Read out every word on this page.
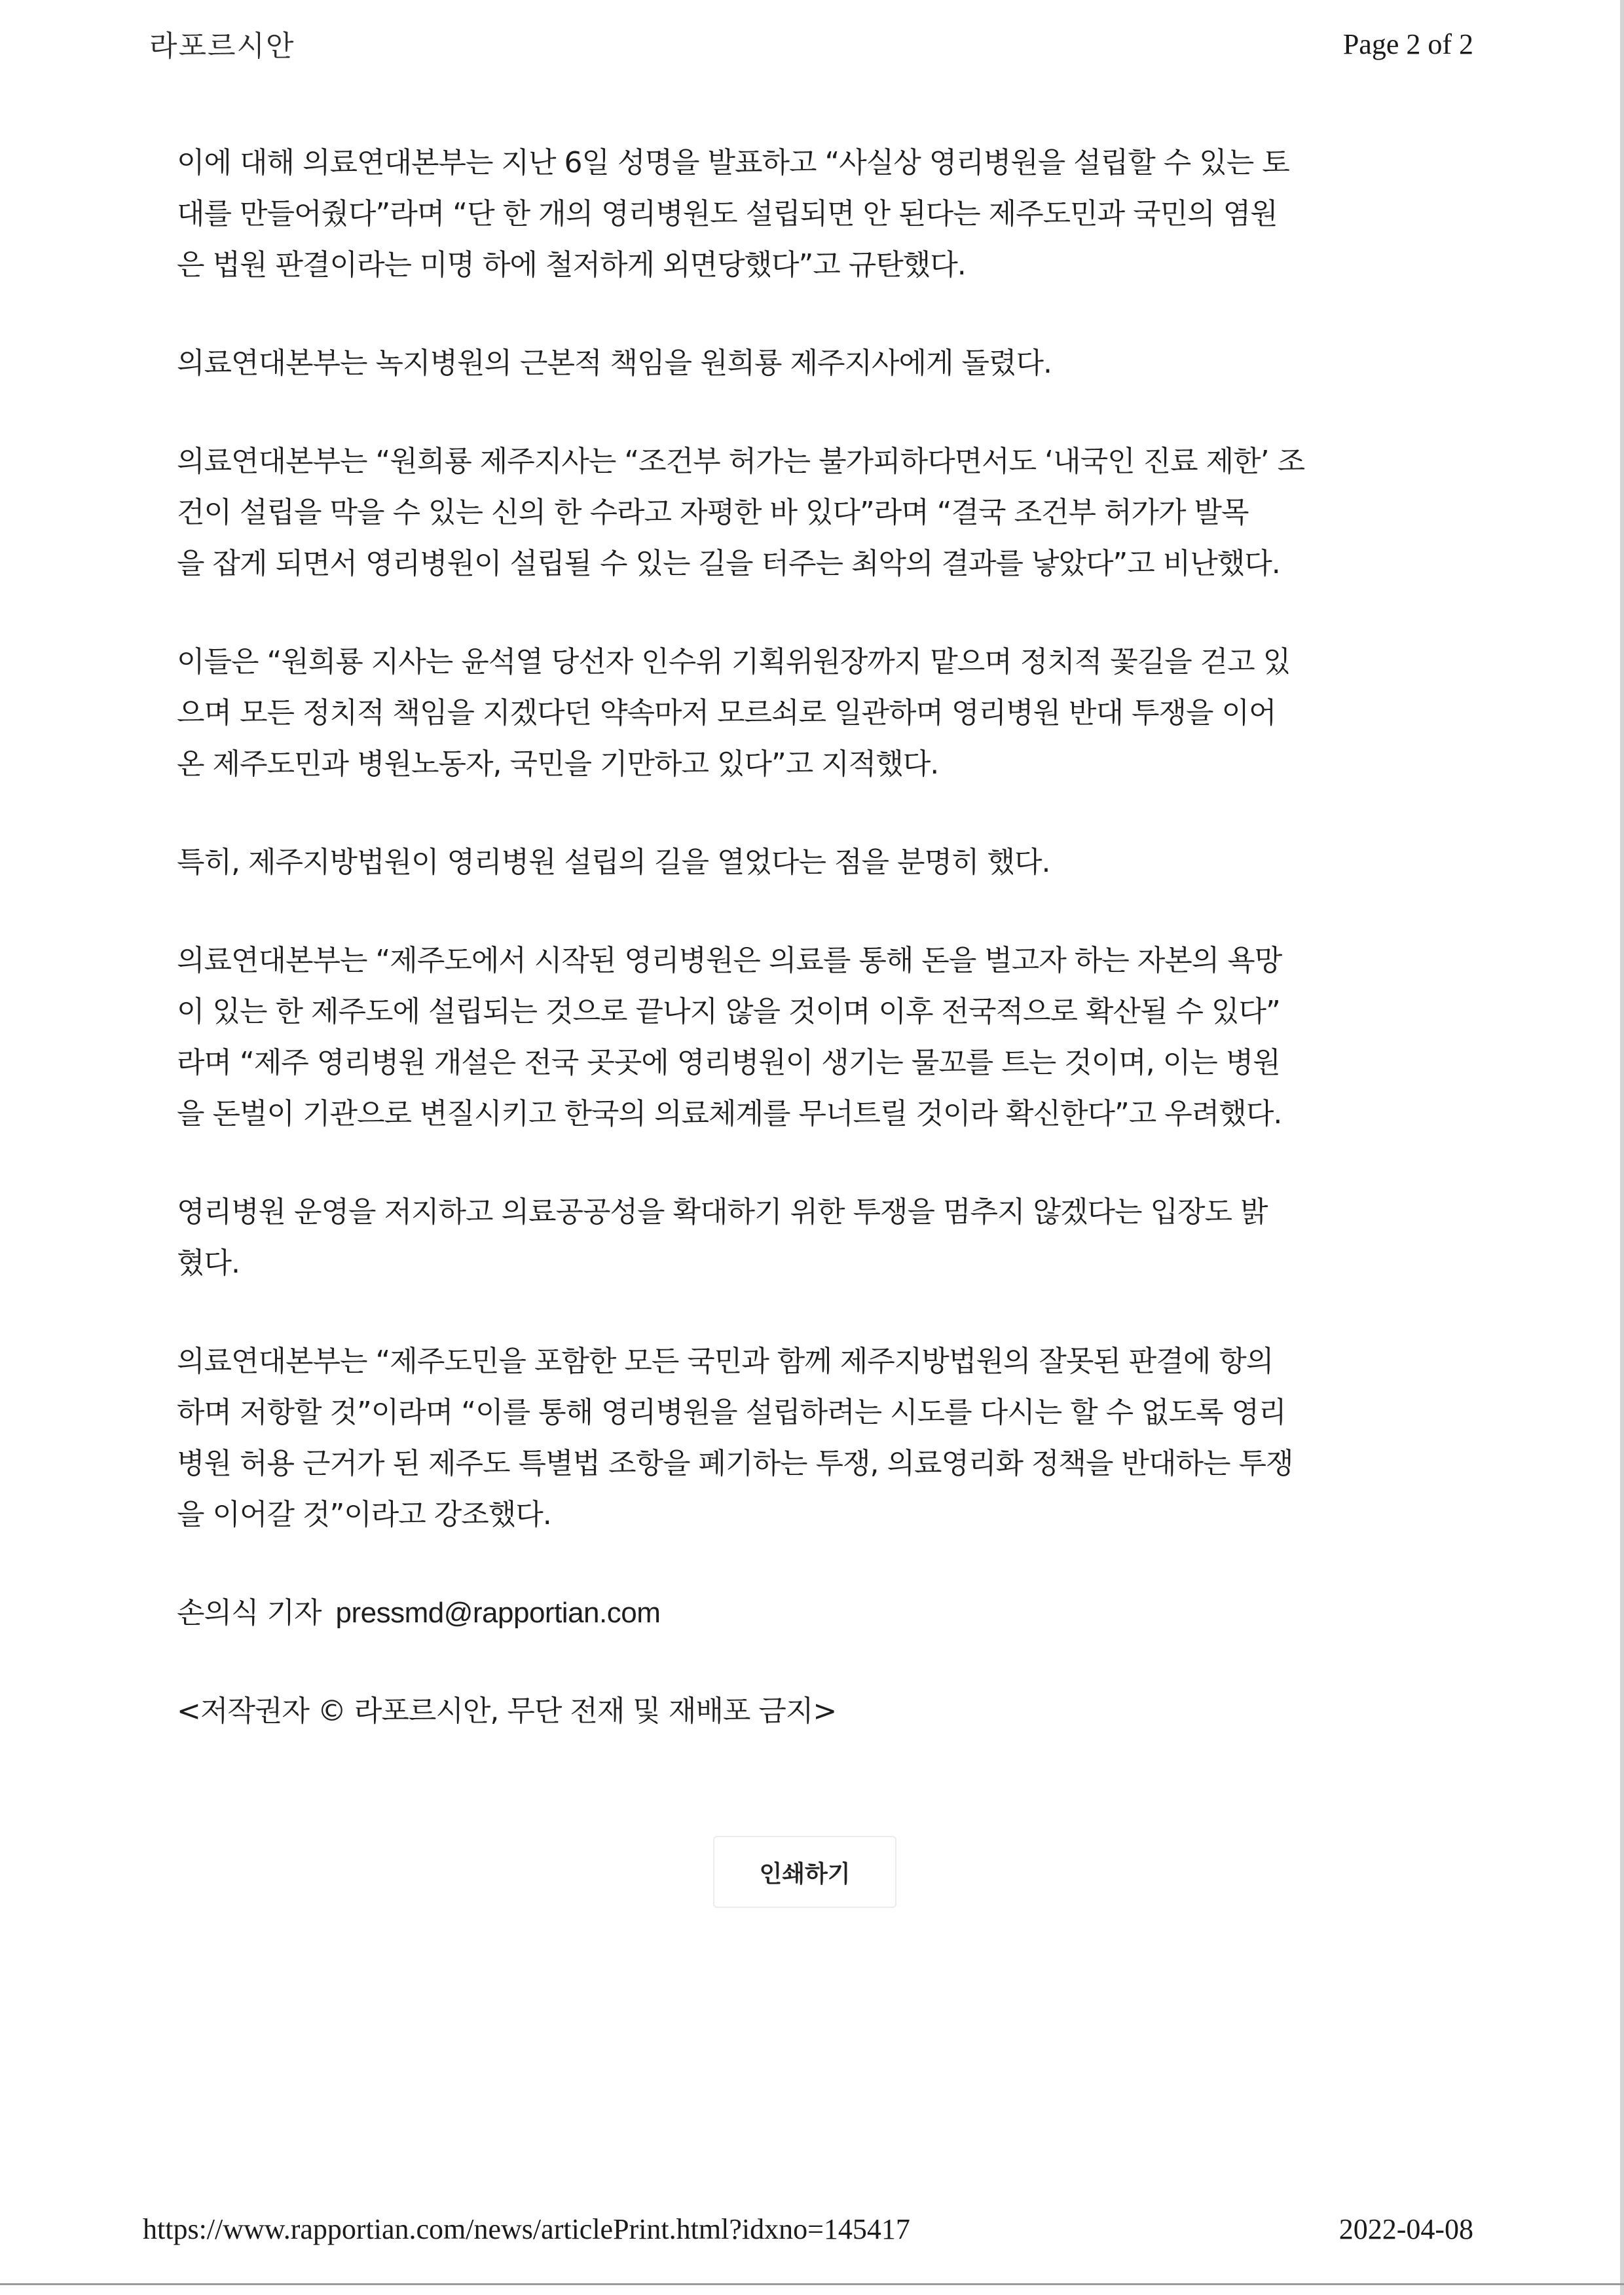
라포르시안	Page 2 of 2

이에 대해 의료연대본부는 지난 6일 성명을 발표하고 “사실상 영리병원을 설립할 수 있는 토
대를 만들어줬다”라며 “단 한 개의 영리병원도 설립되면 안 된다는 제주도민과 국민의 염원
은 법원 판결이라는 미명 하에 철저하게 외면당했다”고 규탄했다.

의료연대본부는 녹지병원의 근본적 책임을 원희룡 제주지사에게 돌렸다.

의료연대본부는 “원희룡 제주지사는 “조건부 허가는 불가피하다면서도 ‘내국인 진료 제한’ 조
건이 설립을 막을 수 있는 신의 한 수라고 자평한 바 있다”라며 “결국 조건부 허가가 발목
을 잡게 되면서 영리병원이 설립될 수 있는 길을 터주는 최악의 결과를 낳았다”고 비난했다.

이들은 “원희룡 지사는 윤석열 당선자 인수위 기획위원장까지 맡으며 정치적 꽃길을 걷고 있
으며 모든 정치적 책임을 지겠다던 약속마저 모르쇠로 일관하며 영리병원 반대 투쟁을 이어
온 제주도민과 병원노동자, 국민을 기만하고 있다”고 지적했다.

특히, 제주지방법원이 영리병원 설립의 길을 열었다는 점을 분명히 했다.

의료연대본부는 “제주도에서 시작된 영리병원은 의료를 통해 돈을 벌고자 하는 자본의 욕망
이 있는 한 제주도에 설립되는 것으로 끝나지 않을 것이며 이후 전국적으로 확산될 수 있다”
라며 “제주 영리병원 개설은 전국 곳곳에 영리병원이 생기는 물꼬를 트는 것이며, 이는 병원
을 돈벌이 기관으로 변질시키고 한국의 의료체계를 무너트릴 것이라 확신한다”고 우려했다.

영리병원 운영을 저지하고 의료공공성을 확대하기 위한 투쟁을 멈추지 않겠다는 입장도 밝
혔다.

의료연대본부는 “제주도민을 포함한 모든 국민과 함께 제주지방법원의 잘못된 판결에 항의
하며 저항할 것”이라며 “이를 통해 영리병원을 설립하려는 시도를 다시는 할 수 없도록 영리
병원 허용 근거가 된 제주도 특별법 조항을 폐기하는 투쟁, 의료영리화 정책을 반대하는 투쟁
을 이어갈 것”이라고 강조했다.

손의식 기자 pressmd@rapportian.com

<저작권자 © 라포르시안, 무단 전재 및 재배포 금지>

인쇄하기
https://www.rapportian.com/news/articlePrint.html?idxno=145417	2022-04-08
